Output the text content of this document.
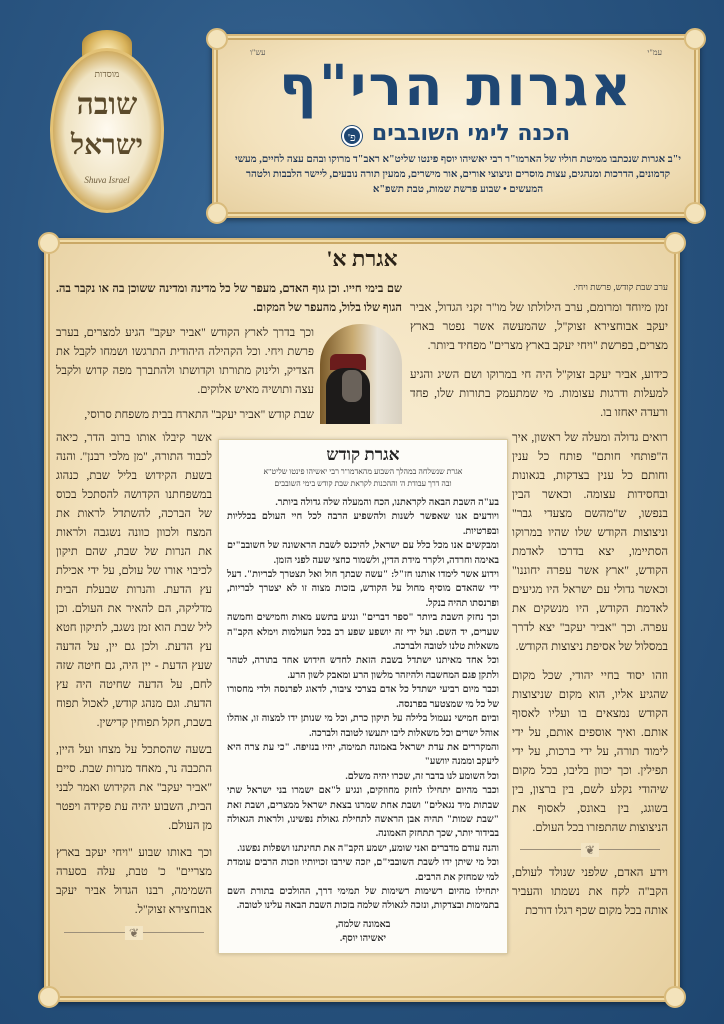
מוסדות
שובה
ישראל
Shuva Israel
עש"ו	עמ"י
אגרות הרי"ף
הכנה לימי השובבים פ'
י"ב אגרות שנכתבו ממיטת חוליו של הארמו"ר רבי יאשיהו יוסף פינטו שליט"א ראב"ד מרוקו ובהם עצה לחיים, מעשי קדמונים, הדרכות ומנהגים, עצות מוסרים וניצוצי אורים, אור מישרים, ממעין תורה נובעים, ליישר הלבבות ולטהר המעשים • שבוע פרשת שמות, טבת תשפ"א
אגרת א'
ערב שבת קודש, פרשת ויחי.

זמן מיוחד ומרומם, ערב הילולתו של מו"ר זקני הגדול, אביר יעקב אבוחצירא זצוק"ל, שהמעשה אשר נפטר בארץ מצרים, בפרשת "ויחי יעקב בארץ מצרים" מפחיד ביותר.

כידוע, אביר יעקב זצוק"ל היה חי במרוקו ושם השיג והגיע למעלות ודרגות עצומות. מי שמתעמק בתורות שלו, פחד ורעדה יאחזו בו.

רואים גדולה ומעלה של ראשון, איך ה"פותחי חותם" פותח כל ענין וחותם כל ענין בצדקות, בגאונות ובחסידות עצומה. וכאשר הבין בנפשו, ש"מהשם מצעדי גבר" וניצוצות הקודש שלו שהיו במרוקו הסתיימו, יצא בדרכו לאדמת הקודש, "ארץ אשר עפרה יחוננו" וכאשר גדולי עם ישראל היו מגיעים לאדמת הקודש, היו מנשקים את עפרה. וכך "אביר יעקב" יצא לדרך במסלול של אסיפת ניצוצות הקודש.

וזהו יסוד בחיי יהודי, שכל מקום שהגיע אליו, הוא מקום שניצוצות הקודש נמצאים בו ועליו לאסוף אותם. ואיך אוספים אותם, על ידי לימוד תורה, על ידי ברכות, על ידי תפילין. וכך יכוון בליבו, בכל מקום שיהודי נקלע לשם, בין ברצון, בין בשוגג, בין באונס, לאסוף את הניצוצות שהתפזרו בכל העולם.

❦
וידע האדם, שלפני שנולד לעולם, הקב"ה לקח את נשמתו והעביר אותה בכל מקום שכף רגלו דורכת
שם בימי חייו. וכן גוף האדם, מעפר של כל מדינה ומדינה ששוכן בה או נקבר בה. הגוף שלו בלול, מהעפר של המקום.

וכך בדרך לארץ הקודש "אביר יעקב" הגיע למצרים, בערב פרשת ויחי. וכל הקהילה היהודית התרגשו ושמחו לקבל את הצדיק, ולינוק מתורתו וקדושתו ולהתברך מפה קדוש ולקבל עצה ותושיה מאיש אלוקים.

שבת קודש "אביר יעקב" התארח בבית משפחת סרוסי,

אשר קיבלו אותו ברוב הדר, כיאה לכבוד התורה, "מן מלכי רבנן". והנה בשעת הקידוש בליל שבת, כנהוג במשפחתנו הקדושה להסתכל בכוס של הברכה, להשתדל לראות את המצח ולכוון כוונה נשגבה ולראות את הנרות של שבת, שהם תיקון לכיבוי אורו של עולם, על ידי אכילת עץ הדעת. והנרות שבעלת הבית מדליקה, הם להאיר את העולם. וכן ליל שבת הוא זמן נשגב, לתיקון חטא עץ הדעת. ולכן גם יין, על הדעה שעץ הדעת - יין היה, גם חיטה שזה לחם, על הדעה שחיטה היה עץ הדעת. וגם מנהג קודש, לאכול תפוח בשבת, חקל תפוחין קדישין.

בשעה שהסתכל על מצחו ועל היין, התכבה נר, מאחד מנרות שבת. סיים "אביר יעקב" את הקידוש ואמר לבני הבית, השבוע יהיה עת פקידה ויפטר מן העולם.

וכך באותו שבוע "ויחי יעקב בארץ מצריים" כ' טבת, עלה בסערה השמימה, רבנו הגדול אביר יעקב אבוחצירא זצוק"ל.

❦
אגרת קודש
אגרת שנשלחה במהלך השבוע מהאדמו"ר רבי יאשיהו פינטו שליט"א
ובה דרך עבודת ה' וההכנות לקראת שבת קודש בימי השובבים

בע"ה השבת הבאה לקראתנו, הכח והמעלה שלה גדולה ביותר.

ויודעים אנו שאפשר לשנות ולהשפיע הרבה לכל חיי העולם בכלליות ובפרטיות.

ומבקשים אנו מכל כלל עם ישראל, להיכנס לשבת הראשונה של חשובב"ים באימה וחרדה, ולקרר מידת הדין, ולשמור כחצי שעה לפני הזמן.

וידוע אשר לימדו אותנו חז"ל: "עשה שבתך חול ואל תצטרך לבריות". דעל ידי שהאדם מוסיף מחול על הקודש, בזכות מצוה זו לא יצטרך לבריות, ופרנסתו תהיה בנקל.

וכך נחזק השבת ביותר "ספר דברים" ונגיע בתשע מאות וחמישים וחמשה שערים, יד השם. ועל ידי זה יושפע שפע רב בכל העולמות וימלא הקב"ה משאלות טלנו לטובה ולברכה.

וכל אחד מאיתנו ישתדל בשבת הזאת לחדש חידוש אחד בתורה, לטהר ולתקן פגם המחשבה ולהיזהר מלשון הרע ומאבק לשון הרע.

וכבר מיום רביעי ישתדל כל אדם בצרכי ציבור, לדאוג לפרנסה ולדי מחסורו של כל מי שמצטער בפרנסה.

וביום חמישי נעמול בלילה על תיקון כרת, וכל מי שנותן ידו למצוה זו, אוהלו אוהל ישרים וכל משאלות ליבו יתעשו לטובה ולברכה.

והמקררים את עדת ישראל באמונה תמימה, יהיו בנזיפה. "כי עת צרה היא ליעקב וממנה יוושע"

וכל השומע לנו בדבר זה, שכרו יהיה משלם.

וכבר מהיום יתחילו לחזק מחוזקים, ונגיע ל"אם ישמרו בני ישראל שתי שבתות מיד נגאלים" ושבת אחת שמרנו בצאת ישראל ממצרים, ושבת זאת "שבת שמות" תהיה אבן הראשה לתחילת גאולת נפשינו, ולראות הגאולה בבידור יותר, שכך תתחזק האמונה.

והנה עודם מדברים ואני שומע, ישמע הקב"ה את תחינתנו ושפלות נפשנו.

וכל מי שיתן ידו לשבת השובבי"ם, יזכה שירבו זכויותיו וזכות הרבים עומדת למי שמחזק את הרבים.

יתחילו מהיום רשימות רשימות של תמימי דרך, ההולכים בתורת השם בתמימות ובצדקות, ונזכה לגאולה שלמה בזכות השבת הבאה עלינו לטובה.

באמונה שלמה,
יאשיהו יוסף.
